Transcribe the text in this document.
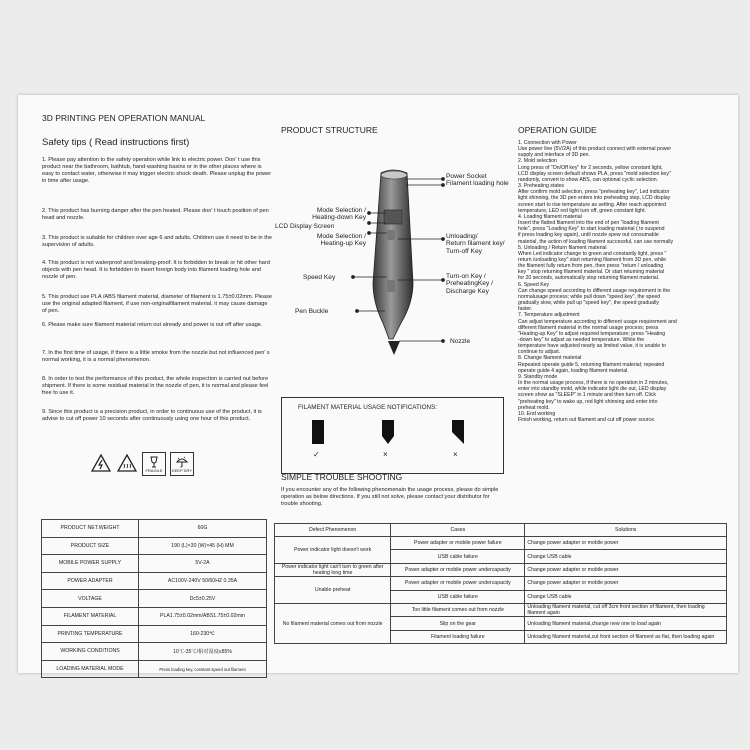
3D PRINTING PEN OPERATION MANUAL
Safety tips ( Read instructions first)
1. Please pay attention to the safety operation while link to electric power. Don' t use this product near the bathroom, bathtub, hand-washing basins or in the other places where is easy to contact water, otherwise it may trigger electric shock death. Please unplug the power in time after usage.
2. This product has burning danger after the pen heated. Please don' t touch position of pen head and nozzle.
3. This product is suitable for children over age 6 and adults. Children use it need to be in the supervision of adults.
4. This product is not waterproof and breaking-proof. It is forbidden to break or hit other hard objects with pen head. It is forbidden to insert foreign body into filament loading hole and nozzle of pen.
5. This product use PLA /ABS filament material, diameter of filament is 1.75±0.02mm. Please use the original adapted filament, if use non-originalfilament material, it may cause damage of pen.
6. Please make sure filament material return out already and power is out off after usage.
7. In the first time of usage, if there is a little smoke from the nozzle but not influenced pen' s normal working, it is a normal phenomenon.
8. In order to test the performance of this product, the whole inspection is carried out before shipment. If there is some residual material in the nozzle of pen, it is normal and please feel free to use it.
9. Since this product is a precision product, in order to continuous use of the product, it is advise to cut off power 10 seconds after continuously using one hour of this product.
FRAGILE KEEP DRY
PRODUCT NET.WEIGHT	60G
PRODUCT SIZE	190 (L)×30 (W)×45 (H) MM
MOBILE POWER SUPPLY	5V-2A
POWER ADAPTER	AC100V-240V 50/60HZ 0.35A
VOLTAGE	Dc5±0.25V
FILAMENT MATERIAL	PLA1.75±0.02mm/ABS1.75±0.02mm
PRINTING TEMPERATURE	160-230℃
WORKING CONDITIONS	10℃-35℃/相对湿度≤85%
LOADING MATERIAL MODE	Press loading key, constant speed out filament
PRODUCT STRUCTURE
Power Socket
Filament loading hole
Mode Selection /
Heating-down Key
LCD Display Screen
Mode Selection /
Heating-up Key
Unloading/
Return filament key/
Turn-off Key
Speed Key	Turn-on Key /
PreheatingKey /
Discharge Key
Pen Buckle
Nozzle
FILAMENT MATERIAL USAGE NOTIFICATIONS:
✓	×	×
SIMPLE TROUBLE SHOOTING
If you encounter any of the following phenomenain the usage process, please do simple operation as below directions. If you still not solve, please contact your distributor for trouble shooting.
Defect Phenomenon	Cases	Solutions
Power indicator light doesn't work	Power adapter or mobile power failure	Change power adapter or mobile power
	USB cable failure	Change USB cable
Power indicator light can't turn to green after heating long time	Power adapter or mobile power undercapacity	Change power adapter or mobile power
Unable preheat	Power adapter or mobile power undercapacity	Change power adapter or mobile power
	USB cable failure	Change USB cable
No filament material comes out from nozzle	Too little filament comes out from nozzle	Unloading filament material, cut off 3cm front section of filament, then loading filament again
	Slip on the gear	Unloading filament material,change new one to load again
	Filament loading failure	Unloading filament material,cut front section of filament as flat, then loading again
OPERATION GUIDE
1. Connection with Power
Use power line (5V/2A) of this product connect with external power
supply and interface of 3D pen.
2. Mold selection
Long press of "On/Off key" for 2 seconds, yellow constant light,
LCD display screen default shows PLA, press "mold selection key"
randomly, convert to show ABS, can optional cyclic selection.
3. Preheating states
After confirm mold selection, press "preheating key", Led indicator
light shinning, the 3D pen enters into preheating step, LCD display
screen start to rise temperature as setting. After reach appointed
temperature, LED red light turn off, green constant light.
4. Loading filament material
Insert the flatted filament into the end of pen "loading filament
hole", press "Loading Key" to start loading material ( to suspend
if press loading key again), until nozzle spew out consumable
material, the action of loading filament successful, can use normally
5. Unloading / Return filament material
When Led indicator change to green and constantly light, press "
return /unloading key" start returning filament from 3D pen, while
the filament fully return from pen, then press "return / unloading
key " stop returning filament material. Or start returning material
for 20 seconds, automatically stop returning filament material.
6. Speed Key
Can change speed according to different usage requirement in the
normalusage process; while pull down "speed key", the speed
gradually slow, while pull up "speed key", the speed gradually
faster.
7. Temperature adjustment
Can adjust temperature according to different usage requirement and
different filament material in the normal usage process; press
"Heating-up Key" to adjust required temperature; press "Heating
-down key" to adjust as needed temperature. While the
temperature have adjusted nearly as limited value, it is unable to
continue to adjust.
8. Change filament material
Repeated operate guide 5, returning filament material; repeated
operate guide 4 again, loading filament material.
9. Standby mode
In the normal usage process, if there is no operation in 2 minutes,
enter into standby mold, while indicator light die out, LED display
screen show as "SLEEP" in 1 minute and then turn off. Click
"preheating key" to wake up, red light shinning and enter into
preheat mold.
10. End working
Finish working, return out filament and cut off power source.
